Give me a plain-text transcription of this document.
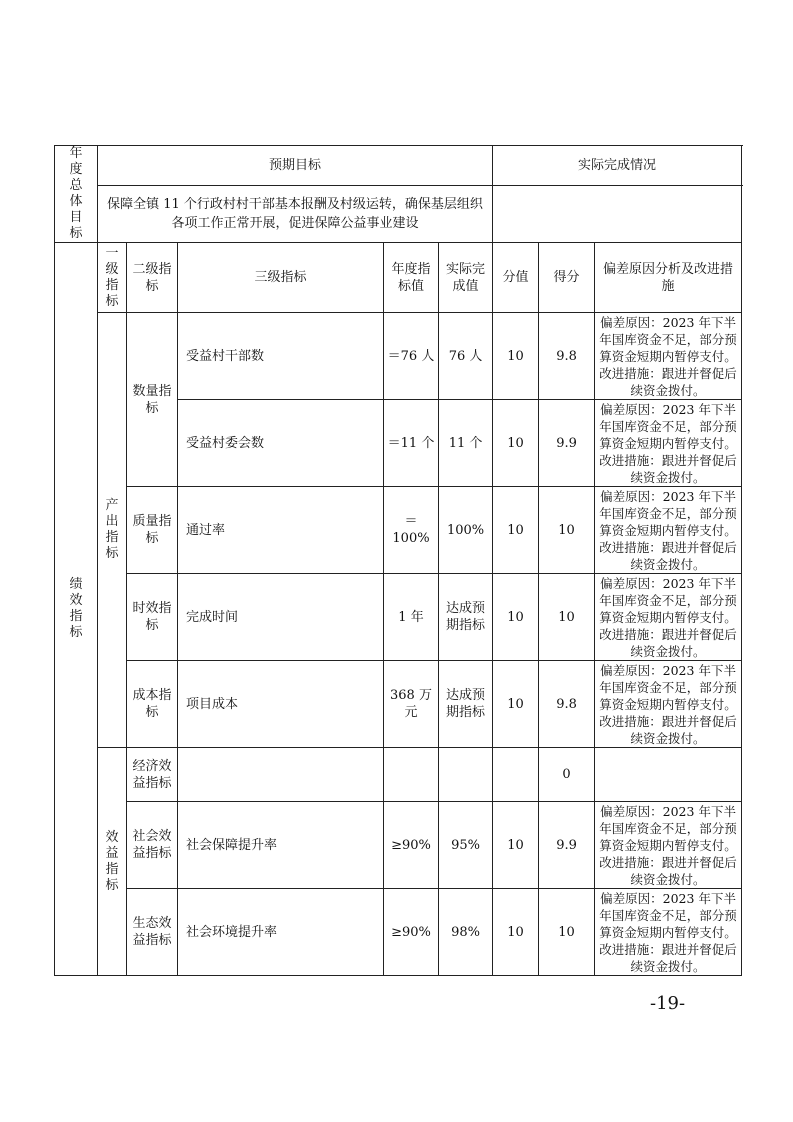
年度总体目标	预期目标					实际完成情况		
	保障全镇 11 个行政村村干部基本报酬及村级运转，确保基层组织各项工作正常开展，促进保障公益事业建设							
绩效指标	一级指标	二级指标	三级指标	年度指标值	实际完成值	分值	得分	偏差原因分析及改进措施
	产出指标	数量指标	受益村干部数	＝76 人	76 人	10	9.8	偏差原因：2023 年下半年国库资金不足，部分预算资金短期内暂停支付。改进措施：跟进并督促后续资金拨付。
			受益村委会数	＝11 个	11 个	10	9.9	偏差原因：2023 年下半年国库资金不足，部分预算资金短期内暂停支付。改进措施：跟进并督促后续资金拨付。
		质量指标	通过率	＝100%	100%	10	10	偏差原因：2023 年下半年国库资金不足，部分预算资金短期内暂停支付。改进措施：跟进并督促后续资金拨付。
		时效指标	完成时间	1 年	达成预期指标	10	10	偏差原因：2023 年下半年国库资金不足，部分预算资金短期内暂停支付。改进措施：跟进并督促后续资金拨付。
		成本指标	项目成本	368 万元	达成预期指标	10	9.8	偏差原因：2023 年下半年国库资金不足，部分预算资金短期内暂停支付。改进措施：跟进并督促后续资金拨付。
	效益指标	经济效益指标					0	
		社会效益指标	社会保障提升率	≥90%	95%	10	9.9	偏差原因：2023 年下半年国库资金不足，部分预算资金短期内暂停支付。改进措施：跟进并督促后续资金拨付。
		生态效益指标	社会环境提升率	≥90%	98%	10	10	偏差原因：2023 年下半年国库资金不足，部分预算资金短期内暂停支付。改进措施：跟进并督促后续资金拨付。
-19-
